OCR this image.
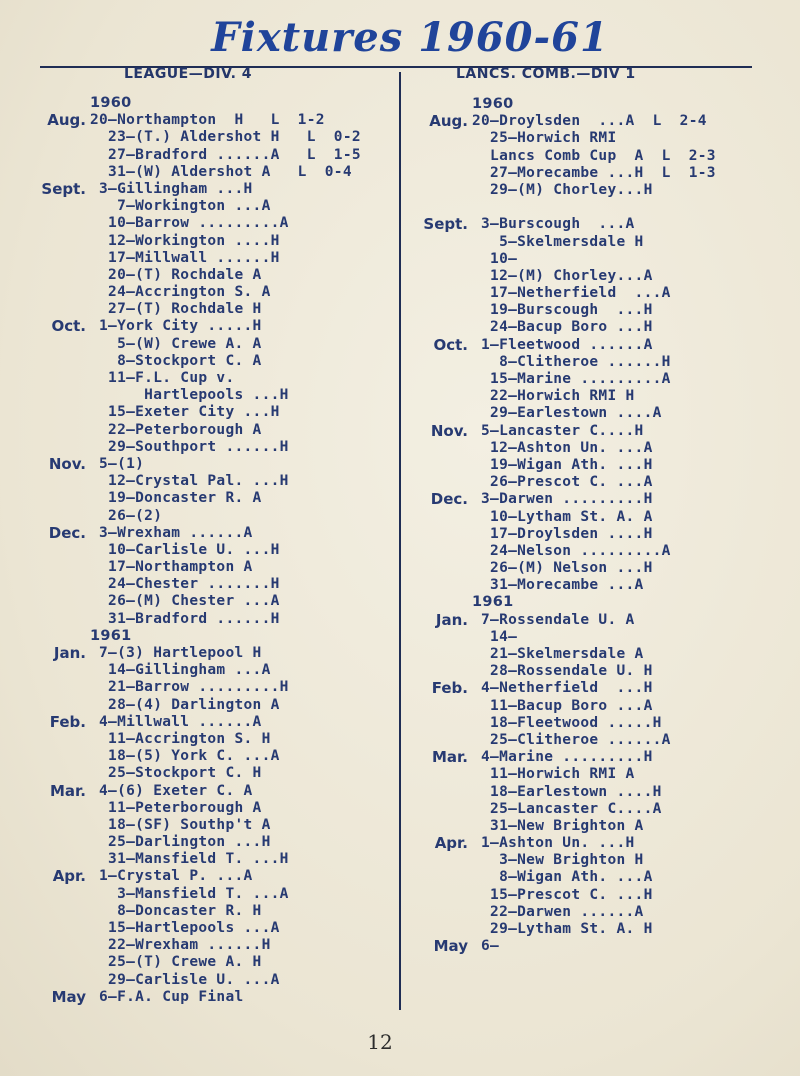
Fixtures 1960-61
LEAGUE—DIV. 4	LANCS. COMB.—DIV 1
1960
Aug. 20—Northampton  H   L  1-2
23—(T.) Aldershot H   L  0-2
27—Bradford ......A   L  1-5
31—(W) Aldershot A   L  0-4
Sept. 3—Gillingham ...H
7—Workington ...A
10—Barrow .........A
12—Workington ....H
17—Millwall ......H
20—(T) Rochdale A
24—Accrington S. A
27—(T) Rochdale H
Oct. 1—York City .....H
5—(W) Crewe A. A
8—Stockport C. A
11—F.L. Cup v.
Hartlepools ...H
15—Exeter City ...H
22—Peterborough A
29—Southport ......H
Nov. 5—(1)
12—Crystal Pal. ...H
19—Doncaster R. A
26—(2)
Dec. 3—Wrexham ......A
10—Carlisle U. ...H
17—Northampton A
24—Chester .......H
26—(M) Chester ...A
31—Bradford ......H
1961
Jan. 7—(3) Hartlepool H
14—Gillingham ...A
21—Barrow .........H
28—(4) Darlington A
Feb. 4—Millwall ......A
11—Accrington S. H
18—(5) York C. ...A
25—Stockport C. H
Mar. 4—(6) Exeter C. A
11—Peterborough A
18—(SF) Southp't A
25—Darlington ...H
31—Mansfield T. ...H
Apr. 1—Crystal P. ...A
3—Mansfield T. ...A
8—Doncaster R. H
15—Hartlepools ...A
22—Wrexham ......H
25—(T) Crewe A. H
29—Carlisle U. ...A
May 6—F.A. Cup Final
1960
Aug. 20—Droylsden  ...A  L  2-4
25—Horwich RMI
Lancs Comb Cup  A  L  2-3
27—Morecambe ...H  L  1-3
29—(M) Chorley...H
Sept. 3—Burscough  ...A
5—Skelmersdale H
10—
12—(M) Chorley...A
17—Netherfield  ...A
19—Burscough  ...H
24—Bacup Boro ...H
Oct. 1—Fleetwood ......A
8—Clitheroe ......H
15—Marine .........A
22—Horwich RMI H
29—Earlestown ....A
Nov. 5—Lancaster C....H
12—Ashton Un. ...A
19—Wigan Ath. ...H
26—Prescot C. ...A
Dec. 3—Darwen .........H
10—Lytham St. A. A
17—Droylsden ....H
24—Nelson .........A
26—(M) Nelson ...H
31—Morecambe ...A
1961
Jan. 7—Rossendale U. A
14—
21—Skelmersdale A
28—Rossendale U. H
Feb. 4—Netherfield  ...H
11—Bacup Boro ...A
18—Fleetwood .....H
25—Clitheroe ......A
Mar. 4—Marine .........H
11—Horwich RMI A
18—Earlestown ....H
25—Lancaster C....A
31—New Brighton A
Apr. 1—Ashton Un. ...H
3—New Brighton H
8—Wigan Ath. ...A
15—Prescot C. ...H
22—Darwen ......A
29—Lytham St. A. H
May 6—
12
